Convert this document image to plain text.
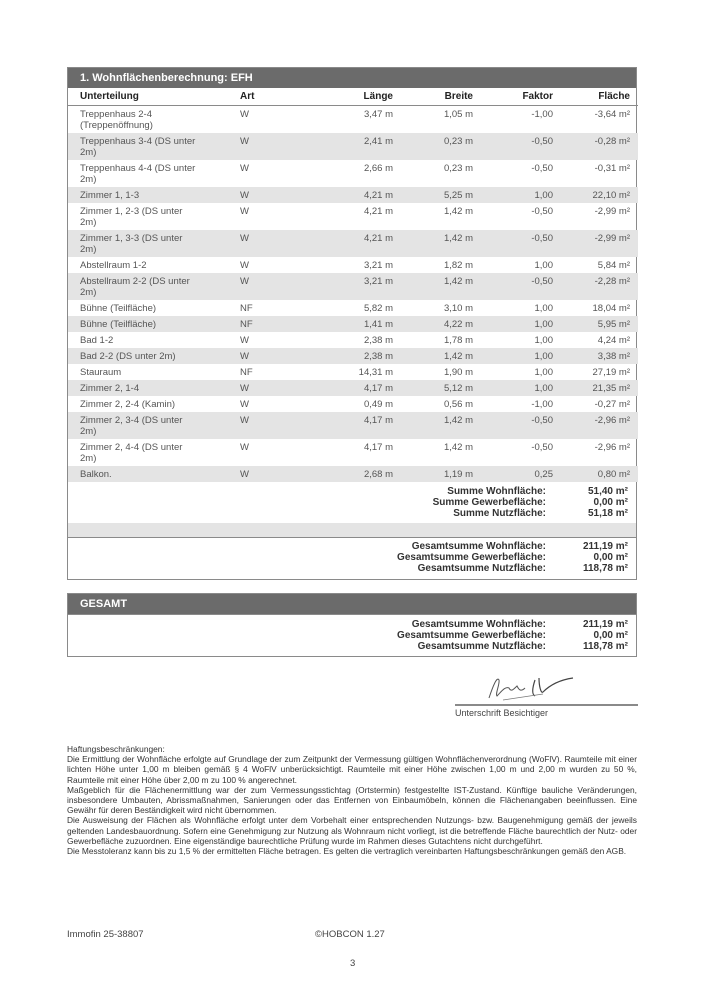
1. Wohnflächenberechnung: EFH
Unterteilung	Art	Länge	Breite	Faktor	Fläche
Treppenhaus 2-4 (Treppenöffnung)	W	3,47 m	1,05 m	-1,00	-3,64 m²
Treppenhaus 3-4 (DS unter 2m)	W	2,41 m	0,23 m	-0,50	-0,28 m²
Treppenhaus 4-4 (DS unter 2m)	W	2,66 m	0,23 m	-0,50	-0,31 m²
Zimmer 1, 1-3	W	4,21 m	5,25 m	1,00	22,10 m²
Zimmer 1, 2-3 (DS unter 2m)	W	4,21 m	1,42 m	-0,50	-2,99 m²
Zimmer 1, 3-3 (DS unter 2m)	W	4,21 m	1,42 m	-0,50	-2,99 m²
Abstellraum 1-2	W	3,21 m	1,82 m	1,00	5,84 m²
Abstellraum 2-2 (DS unter 2m)	W	3,21 m	1,42 m	-0,50	-2,28 m²
Bühne (Teilfläche)	NF	5,82 m	3,10 m	1,00	18,04 m²
Bühne (Teilfläche)	NF	1,41 m	4,22 m	1,00	5,95 m²
Bad 1-2	W	2,38 m	1,78 m	1,00	4,24 m²
Bad 2-2 (DS unter 2m)	W	2,38 m	1,42 m	1,00	3,38 m²
Stauraum	NF	14,31 m	1,90 m	1,00	27,19 m²
Zimmer 2, 1-4	W	4,17 m	5,12 m	1,00	21,35 m²
Zimmer 2, 2-4 (Kamin)	W	0,49 m	0,56 m	-1,00	-0,27 m²
Zimmer 2, 3-4 (DS unter 2m)	W	4,17 m	1,42 m	-0,50	-2,96 m²
Zimmer 2, 4-4 (DS unter 2m)	W	4,17 m	1,42 m	-0,50	-2,96 m²
Balkon.	W	2,68 m	1,19 m	0,25	0,80 m²
Summe Wohnfläche:	51,40 m²
Summe Gewerbefläche:	0,00 m²
Summe Nutzfläche:	51,18 m²
Gesamtsumme Wohnfläche:	211,19 m²
Gesamtsumme Gewerbefläche:	0,00 m²
Gesamtsumme Nutzfläche:	118,78 m²
GESAMT
Gesamtsumme Wohnfläche:	211,19 m²
Gesamtsumme Gewerbefläche:	0,00 m²
Gesamtsumme Nutzfläche:	118,78 m²
Unterschrift Besichtiger

Haftungsbeschränkungen:

Die Ermittlung der Wohnfläche erfolgte auf Grundlage der zum Zeitpunkt der Vermessung gültigen Wohnflächenverordnung (WoFlV). Raumteile mit einer lichten Höhe unter 1,00 m bleiben gemäß § 4 WoFlV unberücksichtigt. Raumteile mit einer Höhe zwischen 1,00 m und 2,00 m wurden zu 50 %, Raumteile mit einer Höhe über 2,00 m zu 100 % angerechnet.

Maßgeblich für die Flächenermittlung war der zum Vermessungsstichtag (Ortstermin) festgestellte IST-Zustand. Künftige bauliche Veränderungen, insbesondere Umbauten, Abrissmaßnahmen, Sanierungen oder das Entfernen von Einbaumöbeln, können die Flächenangaben beeinflussen. Eine Gewähr für deren Beständigkeit wird nicht übernommen.

Die Ausweisung der Flächen als Wohnfläche erfolgt unter dem Vorbehalt einer entsprechenden Nutzungs- bzw. Baugenehmigung gemäß der jeweils geltenden Landesbauordnung. Sofern eine Genehmigung zur Nutzung als Wohnraum nicht vorliegt, ist die betreffende Fläche baurechtlich der Nutz- oder Gewerbefläche zuzuordnen. Eine eigenständige baurechtliche Prüfung wurde im Rahmen dieses Gutachtens nicht durchgeführt.

Die Messtoleranz kann bis zu 1,5 % der ermittelten Fläche betragen. Es gelten die vertraglich vereinbarten Haftungsbeschränkungen gemäß den AGB.

Immofin 25-38807	©HOBCON 1.27
3
